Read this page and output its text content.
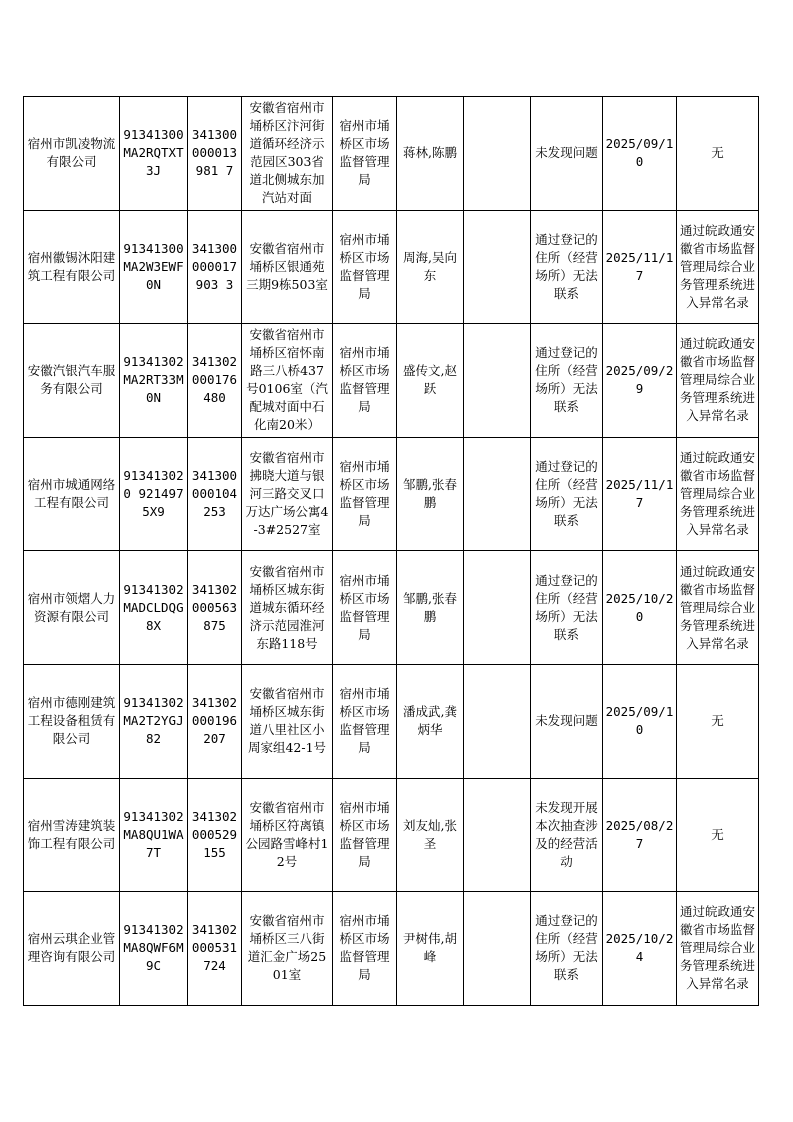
宿州市凯凌物流有限公司	91341300MA2RQTXT3J	341300000013981 7	安徽省宿州市埇桥区汴河街道循环经济示范园区303省道北侧城东加汽站对面	宿州市埇桥区市场监督管理局	蒋林,陈鹏		未发现问题	2025/09/10	无
宿州徽锡沐阳建筑工程有限公司	91341300MA2W3EWF0N	341300000017903 3	安徽省宿州市埇桥区银通苑三期9栋503室	宿州市埇桥区市场监督管理局	周海,吴向东		通过登记的住所（经营场所）无法联系	2025/11/17	通过皖政通安徽省市场监督管理局综合业务管理系统进入异常名录
安徽汽银汽车服务有限公司	91341302MA2RT33M0N	341302000176480	安徽省宿州市埇桥区宿怀南路三八桥437号0106室（汽配城对面中石化南20米）	宿州市埇桥区市场监督管理局	盛传文,赵跃		通过登记的住所（经营场所）无法联系	2025/09/29	通过皖政通安徽省市场监督管理局综合业务管理系统进入异常名录
宿州市城通网络工程有限公司	913413020 9214975X9	341300000104253	安徽省宿州市拂晓大道与银河三路交叉口万达广场公寓4-3#2527室	宿州市埇桥区市场监督管理局	邹鹏,张春鹏		通过登记的住所（经营场所）无法联系	2025/11/17	通过皖政通安徽省市场监督管理局综合业务管理系统进入异常名录
宿州市领熠人力资源有限公司	91341302MADCLDQG8X	341302000563875	安徽省宿州市埇桥区城东街道城东循环经济示范园淮河东路118号	宿州市埇桥区市场监督管理局	邹鹏,张春鹏		通过登记的住所（经营场所）无法联系	2025/10/20	通过皖政通安徽省市场监督管理局综合业务管理系统进入异常名录
宿州市德刚建筑工程设备租赁有限公司	91341302MA2T2YGJ82	341302000196207	安徽省宿州市埇桥区城东街道八里社区小周家组42-1号	宿州市埇桥区市场监督管理局	潘成武,龚炳华		未发现问题	2025/09/10	无
宿州雪涛建筑装饰工程有限公司	91341302MA8QU1WA7T	341302000529155	安徽省宿州市埇桥区符离镇公园路雪峰村12号	宿州市埇桥区市场监督管理局	刘友灿,张圣		未发现开展本次抽查涉及的经营活动	2025/08/27	无
宿州云琪企业管理咨询有限公司	91341302MA8QWF6M9C	341302000531724	安徽省宿州市埇桥区三八街道汇金广场2501室	宿州市埇桥区市场监督管理局	尹树伟,胡峰		通过登记的住所（经营场所）无法联系	2025/10/24	通过皖政通安徽省市场监督管理局综合业务管理系统进入异常名录
